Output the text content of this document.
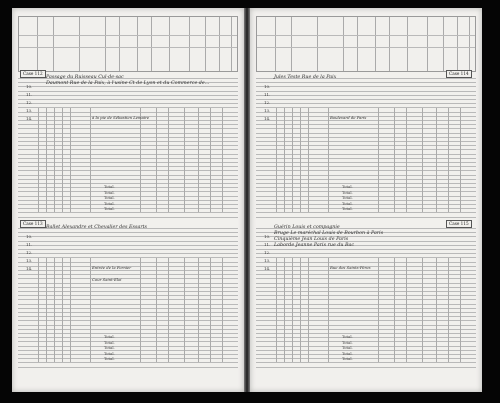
Case 112
Passage du Ruisseau Cul-de-sac
Daumont Rue de la Paix, à l'usine Ct de Lyon et du Commerce de...
10.
11.
12.
13.
14.	à la pie de Sébastien Lemaire
Total.
Total.
Total.
Total.
Total.
Case 113
Ballet Alexandre et Chevalier des Essarts
10.
11.
12.
13.
14.	Entrée de la Fornier
Cour Saint-Eloi
Total.
Total.
Total.
Total.
Total.
Case 114
Jules Teste Rue de la Paix
10.
11.
12.
13.
14.	Boulevard de Paris
Total.
Total.
Total.
Total.
Total.
Case 115
Guérin Louis et compagnie
Bruge Le maréchal Louis de Bourbon à Paris
Cinquième Jean Louis de Paris
Laborde Jeanne Paris rue du Bac
10.
11.
12.
13.
14.	Rue des Saints-Pères
Total.
Total.
Total.
Total.
Total.
